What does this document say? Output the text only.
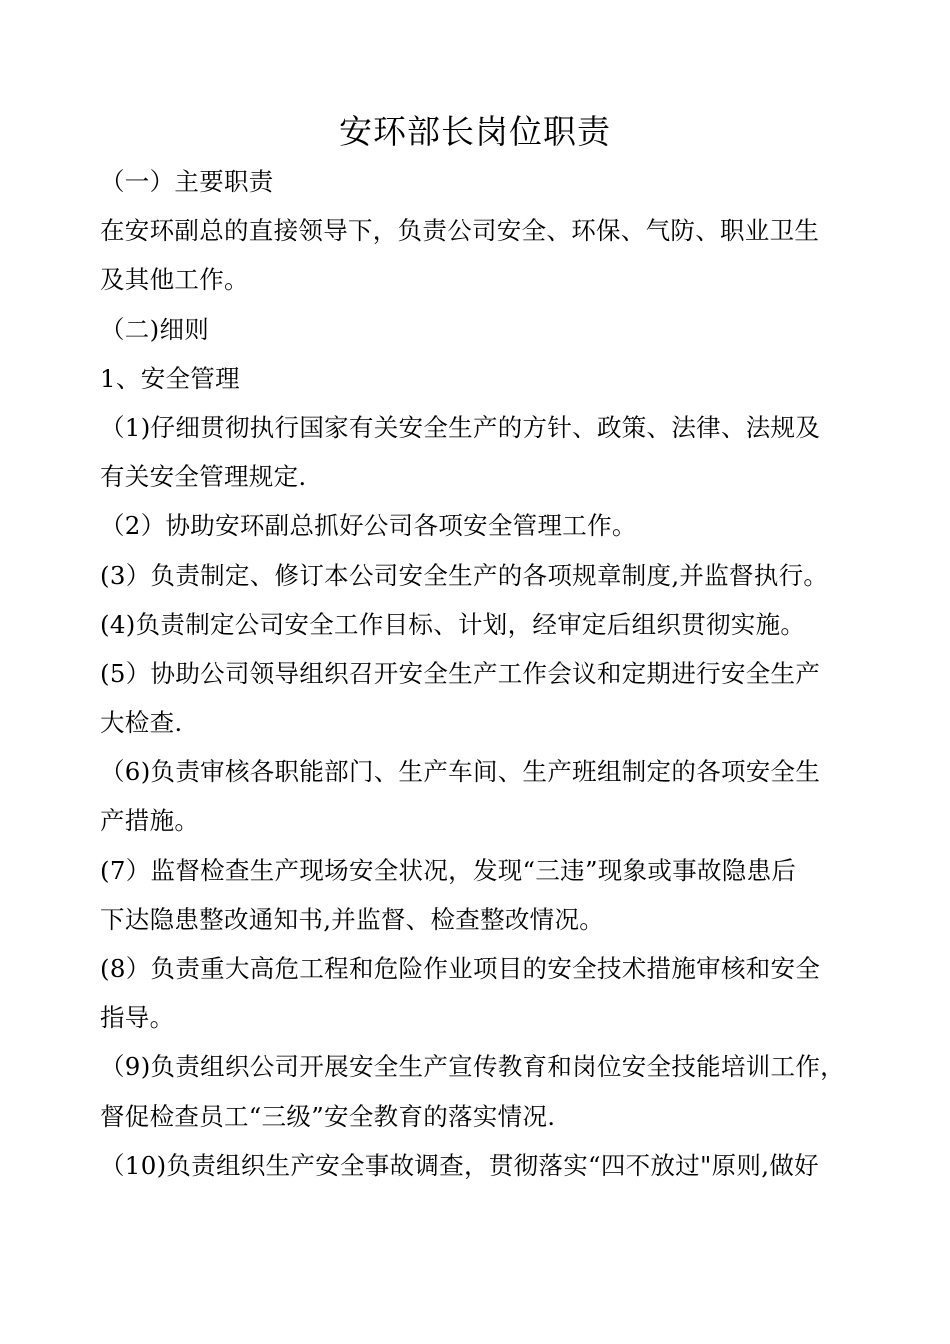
安环部长岗位职责
（一）主要职责
在安环副总的直接领导下，负责公司安全、环保、气防、职业卫生
及其他工作。
（二)细则
1、安全管理
（1)仔细贯彻执行国家有关安全生产的方针、政策、法律、法规及
有关安全管理规定.
（2）协助安环副总抓好公司各项安全管理工作。
(3）负责制定、修订本公司安全生产的各项规章制度,并监督执行。
(4)负责制定公司安全工作目标、计划，经审定后组织贯彻实施。
(5）协助公司领导组织召开安全生产工作会议和定期进行安全生产
大检查.
（6)负责审核各职能部门、生产车间、生产班组制定的各项安全生
产措施。
(7）监督检查生产现场安全状况，发现“三违”现象或事故隐患后
下达隐患整改通知书,并监督、检查整改情况。
(8）负责重大高危工程和危险作业项目的安全技术措施审核和安全
指导。
（9)负责组织公司开展安全生产宣传教育和岗位安全技能培训工作，
督促检查员工“三级”安全教育的落实情况.
（10)负责组织生产安全事故调查，贯彻落实“四不放过"原则,做好
